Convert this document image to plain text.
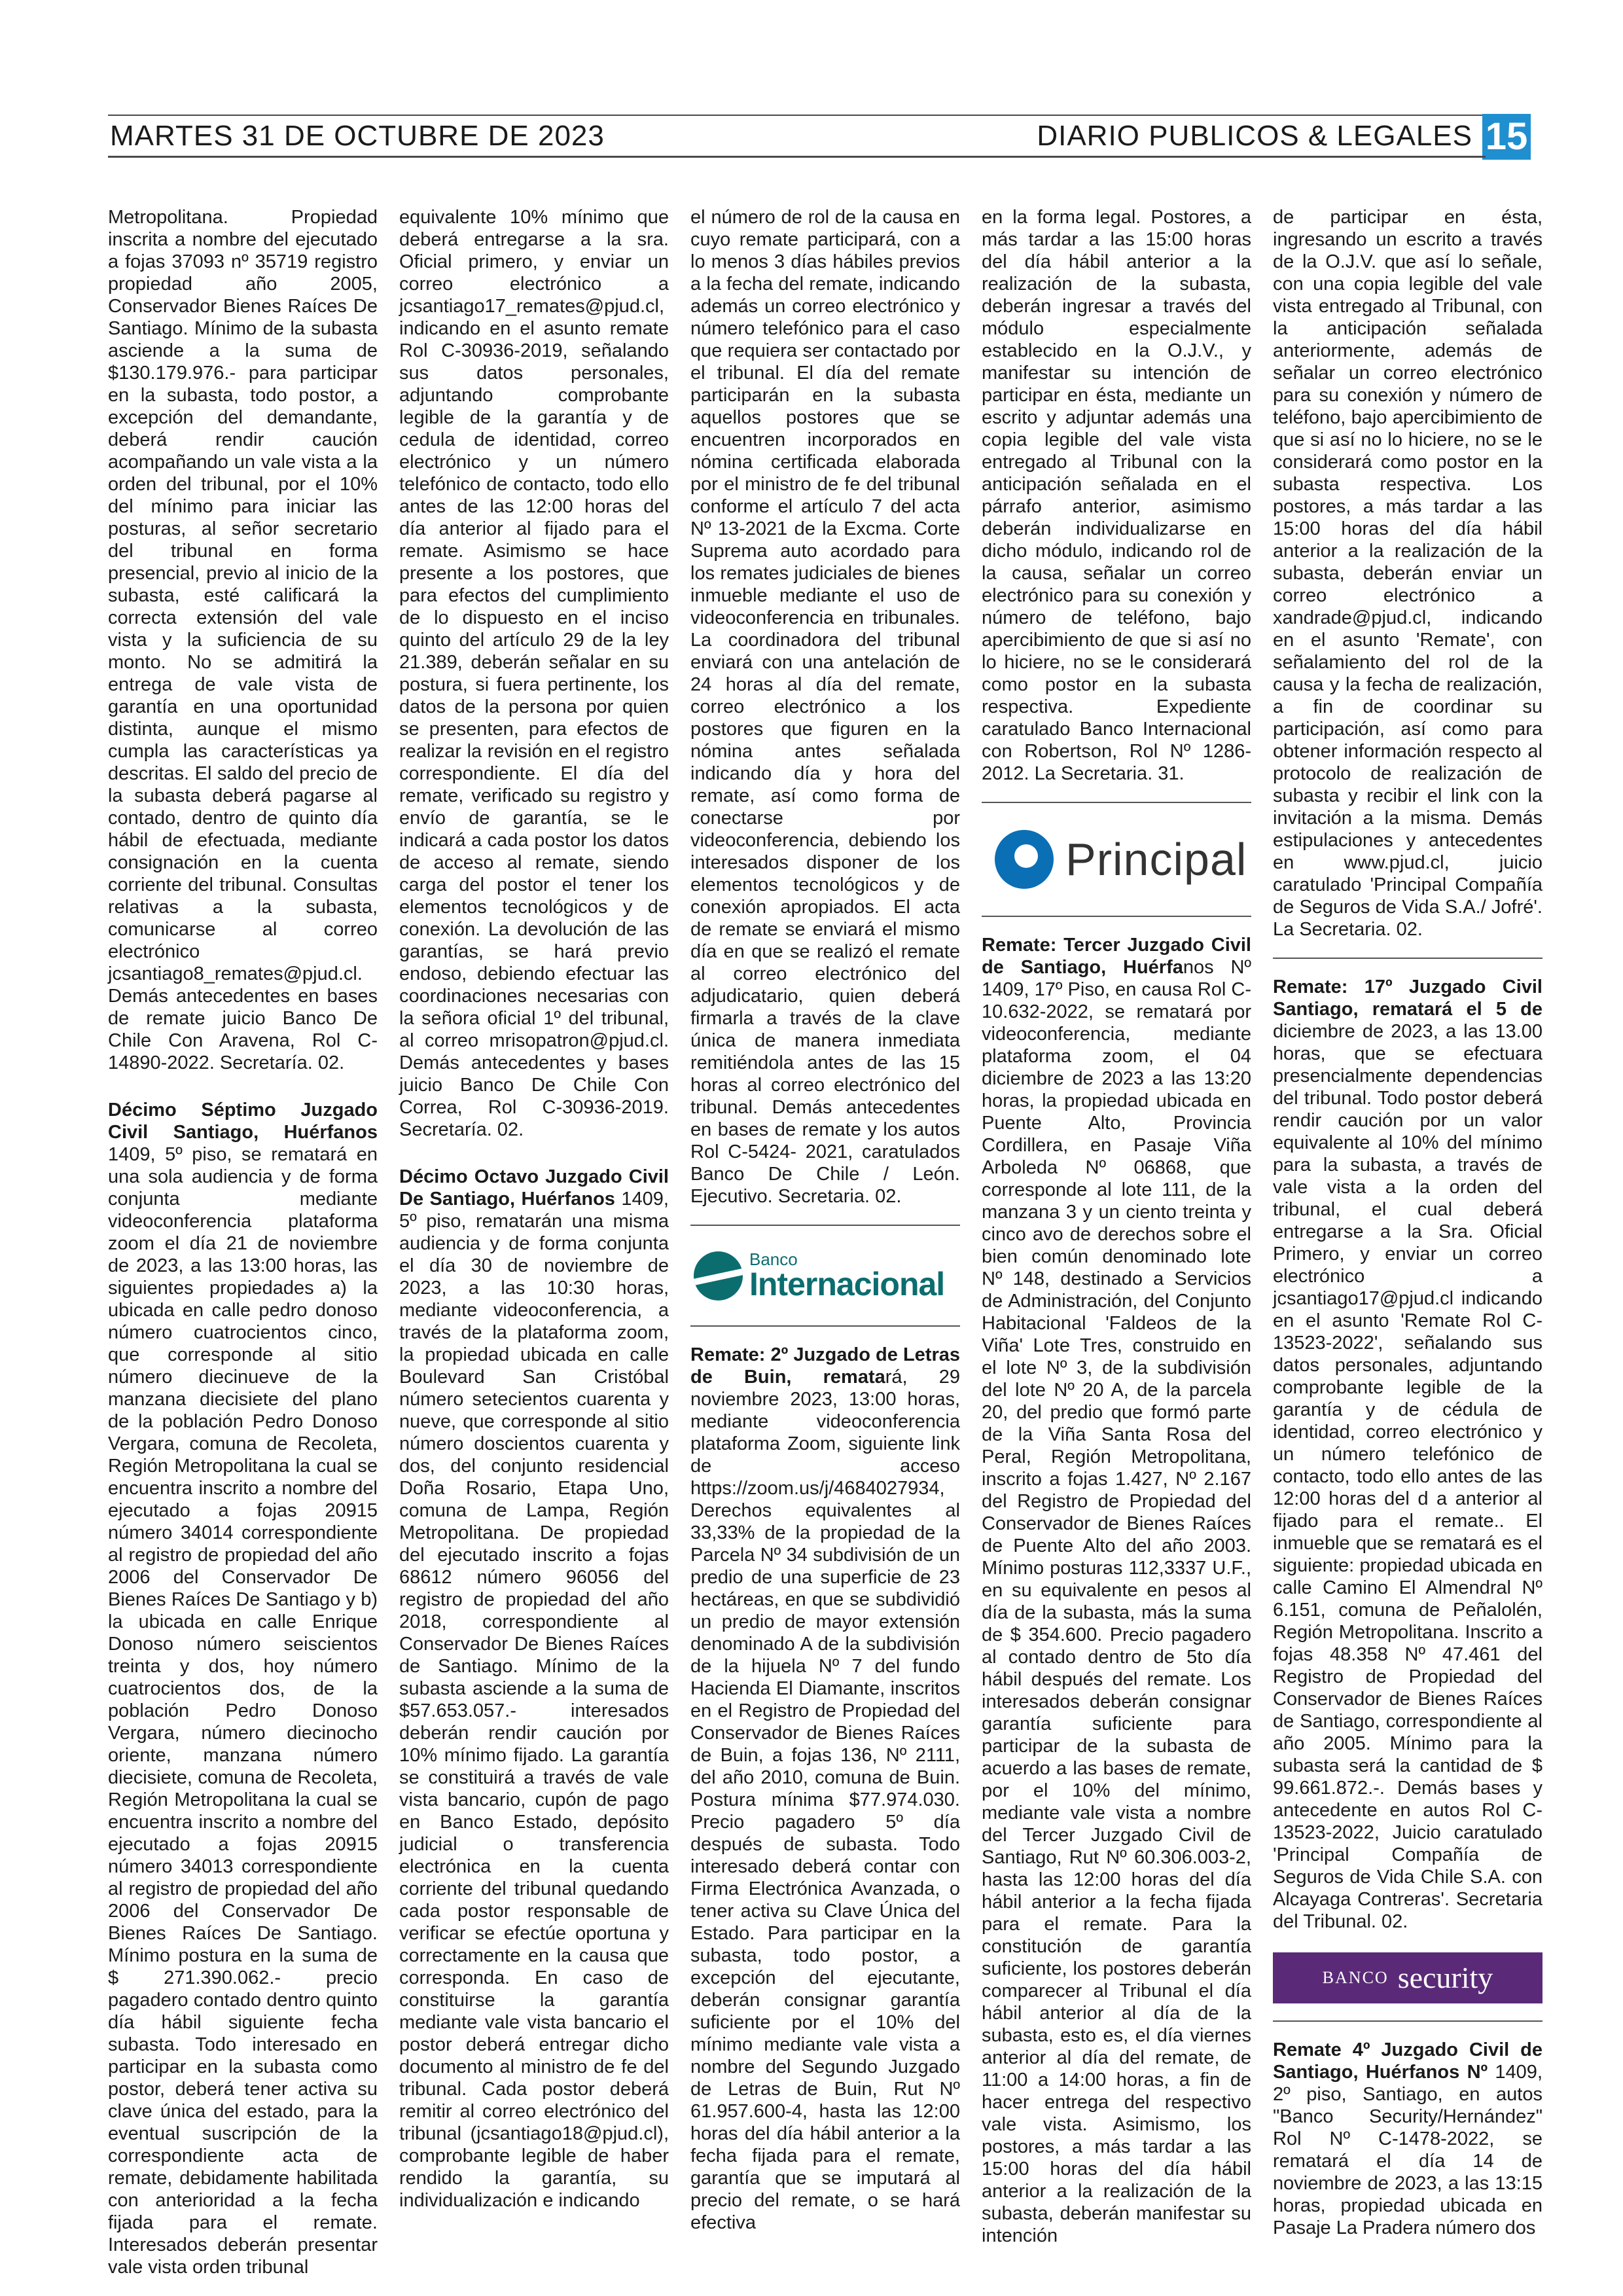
MARTES 31 DE OCTUBRE DE 2023	DIARIO PUBLICOS & LEGALES 15

Metropolitana. Propiedad inscrita a nombre del ejecutado a fojas 37093 nº 35719 registro propiedad año 2005, Conservador Bienes Raíces De Santiago. Mínimo de la subasta asciende a la suma de $130.179.976.- para participar en la subasta, todo postor, a excepción del demandante, deberá rendir caución acompañando un vale vista a la orden del tribunal, por el 10% del mínimo para iniciar las posturas, al señor secretario del tribunal en forma presencial, previo al inicio de la subasta, esté calificará la correcta extensión del vale vista y la suficiencia de su monto. No se admitirá la entrega de vale vista de garantía en una oportunidad distinta, aunque el mismo cumpla las características ya descritas. El saldo del precio de la subasta deberá pagarse al contado, dentro de quinto día hábil de efectuada, mediante consignación en la cuenta corriente del tribunal. Consultas relativas a la subasta, comunicarse al correo electrónico jcsantiago8_remates@pjud.cl. Demás antecedentes en bases de remate juicio Banco De Chile Con Aravena, Rol C-14890-2022. Secretaría. 02.

Décimo Séptimo Juzgado Civil Santiago, Huérfanos 1409, 5º piso, se rematará en una sola audiencia y de forma conjunta mediante videoconferencia plataforma zoom el día 21 de noviembre de 2023, a las 13:00 horas, las siguientes propiedades a) la ubicada en calle pedro donoso número cuatrocientos cinco, que corresponde al sitio número diecinueve de la manzana diecisiete del plano de la población Pedro Donoso Vergara, comuna de Recoleta, Región Metropolitana la cual se encuentra inscrito a nombre del ejecutado a fojas 20915 número 34014 correspondiente al registro de propiedad del año 2006 del Conservador De Bienes Raíces De Santiago y b) la ubicada en calle Enrique Donoso número seiscientos treinta y dos, hoy número cuatrocientos dos, de la población Pedro Donoso Vergara, número diecinocho oriente, manzana número diecisiete, comuna de Recoleta, Región Metropolitana la cual se encuentra inscrito a nombre del ejecutado a fojas 20915 número 34013 correspondiente al registro de propiedad del año 2006 del Conservador De Bienes Raíces De Santiago. Mínimo postura en la suma de $ 271.390.062.- precio pagadero contado dentro quinto día hábil siguiente fecha subasta. Todo interesado en participar en la subasta como postor, deberá tener activa su clave única del estado, para la eventual suscripción de la correspondiente acta de remate, debidamente habilitada con anterioridad a la fecha fijada para el remate. Interesados deberán presentar vale vista orden tribunal

equivalente 10% mínimo que deberá entregarse a la sra. Oficial primero, y enviar un correo electrónico a jcsantiago17_remates@pjud.cl, indicando en el asunto remate Rol C-30936-2019, señalando sus datos personales, adjuntando comprobante legible de la garantía y de cedula de identidad, correo electrónico y un número telefónico de contacto, todo ello antes de las 12:00 horas del día anterior al fijado para el remate. Asimismo se hace presente a los postores, que para efectos del cumplimiento de lo dispuesto en el inciso quinto del artículo 29 de la ley 21.389, deberán señalar en su postura, si fuera pertinente, los datos de la persona por quien se presenten, para efectos de realizar la revisión en el registro correspondiente. El día del remate, verificado su registro y envío de garantía, se le indicará a cada postor los datos de acceso al remate, siendo carga del postor el tener los elementos tecnológicos y de conexión. La devolución de las garantías, se hará previo endoso, debiendo efectuar las coordinaciones necesarias con la señora oficial 1º del tribunal, al correo mrisopatron@pjud.cl. Demás antecedentes y bases juicio Banco De Chile Con Correa, Rol C-30936-2019. Secretaría. 02.

Décimo Octavo Juzgado Civil De Santiago, Huérfanos 1409, 5º piso, rematarán una misma audiencia y de forma conjunta el día 30 de noviembre de 2023, a las 10:30 horas, mediante videoconferencia, a través de la plataforma zoom, la propiedad ubicada en calle Boulevard San Cristóbal número setecientos cuarenta y nueve, que corresponde al sitio número doscientos cuarenta y dos, del conjunto residencial Doña Rosario, Etapa Uno, comuna de Lampa, Región Metropolitana. De propiedad del ejecutado inscrito a fojas 68612 número 96056 del registro de propiedad del año 2018, correspondiente al Conservador De Bienes Raíces de Santiago. Mínimo de la subasta asciende a la suma de $57.653.057.- interesados deberán rendir caución por 10% mínimo fijado. La garantía se constituirá a través de vale vista bancario, cupón de pago en Banco Estado, depósito judicial o transferencia electrónica en la cuenta corriente del tribunal quedando cada postor responsable de verificar se efectúe oportuna y correctamente en la causa que corresponda. En caso de constituirse la garantía mediante vale vista bancario el postor deberá entregar dicho documento al ministro de fe del tribunal. Cada postor deberá remitir al correo electrónico del tribunal (jcsantiago18@pjud.cl), comprobante legible de haber rendido la garantía, su individualización e indicando

el número de rol de la causa en cuyo remate participará, con a lo menos 3 días hábiles previos a la fecha del remate, indicando además un correo electrónico y número telefónico para el caso que requiera ser contactado por el tribunal. El día del remate participarán en la subasta aquellos postores que se encuentren incorporados en nómina certificada elaborada por el ministro de fe del tribunal conforme el artículo 7 del acta Nº 13-2021 de la Excma. Corte Suprema auto acordado para los remates judiciales de bienes inmueble mediante el uso de videoconferencia en tribunales. La coordinadora del tribunal enviará con una antelación de 24 horas al día del remate, correo electrónico a los postores que figuren en la nómina antes señalada indicando día y hora del remate, así como forma de conectarse por videoconferencia, debiendo los interesados disponer de los elementos tecnológicos y de conexión apropiados. El acta de remate se enviará el mismo día en que se realizó el remate al correo electrónico del adjudicatario, quien deberá firmarla a través de la clave única de manera inmediata remitiéndola antes de las 15 horas al correo electrónico del tribunal. Demás antecedentes en bases de remate y los autos Rol C-5424- 2021, caratulados Banco De Chile / León. Ejecutivo. Secretaria. 02.

Banco
Internacional

Remate: 2º Juzgado de Letras de Buin, rematará, 29 noviembre 2023, 13:00 horas, mediante videoconferencia plataforma Zoom, siguiente link de acceso https://zoom.us/j/4684027934, Derechos equivalentes al 33,33% de la propiedad de la Parcela Nº 34 subdivisión de un predio de una superficie de 23 hectáreas, en que se subdividió un predio de mayor extensión denominado A de la subdivisión de la hijuela Nº 7 del fundo Hacienda El Diamante, inscritos en el Registro de Propiedad del Conservador de Bienes Raíces de Buin, a fojas 136, Nº 2111, del año 2010, comuna de Buin. Postura mínima $77.974.030. Precio pagadero 5º día después de subasta. Todo interesado deberá contar con Firma Electrónica Avanzada, o tener activa su Clave Única del Estado. Para participar en la subasta, todo postor, a excepción del ejecutante, deberán consignar garantía suficiente por el 10% del mínimo mediante vale vista a nombre del Segundo Juzgado de Letras de Buin, Rut Nº 61.957.600-4, hasta las 12:00 horas del día hábil anterior a la fecha fijada para el remate, garantía que se imputará al precio del remate, o se hará efectiva

en la forma legal. Postores, a más tardar a las 15:00 horas del día hábil anterior a la realización de la subasta, deberán ingresar a través del módulo especialmente establecido en la O.J.V., y manifestar su intención de participar en ésta, mediante un escrito y adjuntar además una copia legible del vale vista entregado al Tribunal con la anticipación señalada en el párrafo anterior, asimismo deberán individualizarse en dicho módulo, indicando rol de la causa, señalar un correo electrónico para su conexión y número de teléfono, bajo apercibimiento de que si así no lo hiciere, no se le considerará como postor en la subasta respectiva. Expediente caratulado Banco Internacional con Robertson, Rol Nº 1286-2012. La Secretaria. 31.

Principal

Remate: Tercer Juzgado Civil de Santiago, Huérfanos Nº 1409, 17º Piso, en causa Rol C-10.632-2022, se rematará por videoconferencia, mediante plataforma zoom, el 04 diciembre de 2023 a las 13:20 horas, la propiedad ubicada en Puente Alto, Provincia Cordillera, en Pasaje Viña Arboleda Nº 06868, que corresponde al lote 111, de la manzana 3 y un ciento treinta y cinco avo de derechos sobre el bien común denominado lote Nº 148, destinado a Servicios de Administración, del Conjunto Habitacional 'Faldeos de la Viña' Lote Tres, construido en el lote Nº 3, de la subdivisión del lote Nº 20 A, de la parcela 20, del predio que formó parte de la Viña Santa Rosa del Peral, Región Metropolitana, inscrito a fojas 1.427, Nº 2.167 del Registro de Propiedad del Conservador de Bienes Raíces de Puente Alto del año 2003. Mínimo posturas 112,3337 U.F., en su equivalente en pesos al día de la subasta, más la suma de $ 354.600. Precio pagadero al contado dentro de 5to día hábil después del remate. Los interesados deberán consignar garantía suficiente para participar de la subasta de acuerdo a las bases de remate, por el 10% del mínimo, mediante vale vista a nombre del Tercer Juzgado Civil de Santiago, Rut Nº 60.306.003-2, hasta las 12:00 horas del día hábil anterior a la fecha fijada para el remate. Para la constitución de garantía suficiente, los postores deberán comparecer al Tribunal el día hábil anterior al día de la subasta, esto es, el día viernes anterior al día del remate, de 11:00 a 14:00 horas, a fin de hacer entrega del respectivo vale vista. Asimismo, los postores, a más tardar a las 15:00 horas del día hábil anterior a la realización de la subasta, deberán manifestar su intención

de participar en ésta, ingresando un escrito a través de la O.J.V. que así lo señale, con una copia legible del vale vista entregado al Tribunal, con la anticipación señalada anteriormente, además de señalar un correo electrónico para su conexión y número de teléfono, bajo apercibimiento de que si así no lo hiciere, no se le considerará como postor en la subasta respectiva. Los postores, a más tardar a las 15:00 horas del día hábil anterior a la realización de la subasta, deberán enviar un correo electrónico a xandrade@pjud.cl, indicando en el asunto 'Remate', con señalamiento del rol de la causa y la fecha de realización, a fin de coordinar su participación, así como para obtener información respecto al protocolo de realización de subasta y recibir el link con la invitación a la misma. Demás estipulaciones y antecedentes en www.pjud.cl, juicio caratulado 'Principal Compañía de Seguros de Vida S.A./ Jofré'. La Secretaria. 02.

Remate: 17º Juzgado Civil Santiago, rematará el 5 de diciembre de 2023, a las 13.00 horas, que se efectuara presencialmente dependencias del tribunal. Todo postor deberá rendir caución por un valor equivalente al 10% del mínimo para la subasta, a través de vale vista a la orden del tribunal, el cual deberá entregarse a la Sra. Oficial Primero, y enviar un correo electrónico a jcsantiago17@pjud.cl indicando en el asunto 'Remate Rol C-13523-2022', señalando sus datos personales, adjuntando comprobante legible de la garantía y de cédula de identidad, correo electrónico y un número telefónico de contacto, todo ello antes de las 12:00 horas del d a anterior al fijado para el remate.. El inmueble que se rematará es el siguiente: propiedad ubicada en calle Camino El Almendral Nº 6.151, comuna de Peñalolén, Región Metropolitana. Inscrito a fojas 48.358 Nº 47.461 del Registro de Propiedad del Conservador de Bienes Raíces de Santiago, correspondiente al año 2005. Mínimo para la subasta será la cantidad de $ 99.661.872.-. Demás bases y antecedente en autos Rol C-13523-2022, Juicio caratulado 'Principal Compañía de Seguros de Vida Chile S.A. con Alcayaga Contreras'. Secretaria del Tribunal. 02.

BANCO security

Remate 4º Juzgado Civil de Santiago, Huérfanos Nº 1409, 2º piso, Santiago, en autos "Banco Security/Hernández" Rol Nº C-1478-2022, se rematará el día 14 de noviembre de 2023, a las 13:15 horas, propiedad ubicada en Pasaje La Pradera número dos
